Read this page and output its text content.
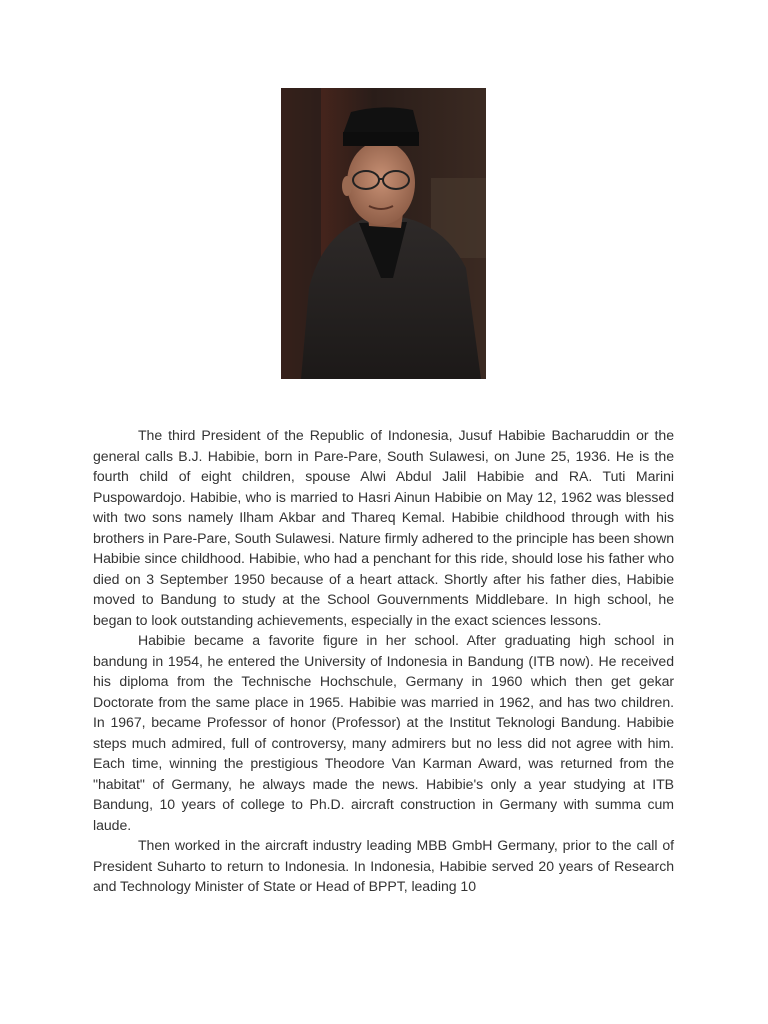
The third President of the Republic of Indonesia, Jusuf Habibie Bacharuddin or the general calls B.J. Habibie, born in Pare-Pare, South Sulawesi, on June 25, 1936. He is the fourth child of eight children, spouse Alwi Abdul Jalil Habibie and RA. Tuti Marini Puspowardojo. Habibie, who is married to Hasri Ainun Habibie on May 12, 1962 was blessed with two sons namely Ilham Akbar and Thareq Kemal. Habibie childhood through with his brothers in Pare-Pare, South Sulawesi. Nature firmly adhered to the principle has been shown Habibie since childhood. Habibie, who had a penchant for this ride, should lose his father who died on 3 September 1950 because of a heart attack. Shortly after his father dies, Habibie moved to Bandung to study at the School Gouvernments Middlebare. In high school, he began to look outstanding achievements, especially in the exact sciences lessons.

Habibie became a favorite figure in her school. After graduating high school in bandung in 1954, he entered the University of Indonesia in Bandung (ITB now). He received his diploma from the Technische Hochschule, Germany in 1960 which then get gekar Doctorate from the same place in 1965. Habibie was married in 1962, and has two children. In 1967, became Professor of honor (Professor) at the Institut Teknologi Bandung. Habibie steps much admired, full of controversy, many admirers but no less did not agree with him. Each time, winning the prestigious Theodore Van Karman Award, was returned from the "habitat" of Germany, he always made the news. Habibie's only a year studying at ITB Bandung, 10 years of college to Ph.D. aircraft construction in Germany with summa cum laude.

Then worked in the aircraft industry leading MBB GmbH Germany, prior to the call of President Suharto to return to Indonesia. In Indonesia, Habibie served 20 years of Research and Technology Minister of State or Head of BPPT, leading 10
